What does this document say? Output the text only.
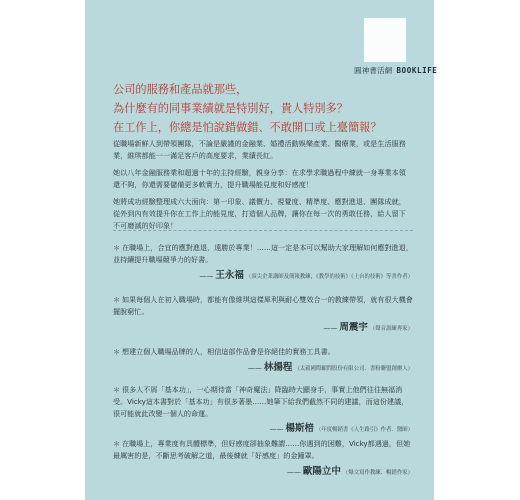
圓神書活網 BOOKLIFE
公司的服務和產品就那些，
為什麼有的同事業績就是特別好，貴人特別多？
在工作上，你總是怕說錯做錯、不敢開口或上臺簡報？

從職場新鮮人到帶領團隊，不論是嚴謹的金融業、婚禮活動娛樂產業、醫療業，或是生活服務業，維琪都能一一滿足客戶的高度要求，業績長紅。

她以八年金融服務業和超過十年的主持經驗，親身分享：在求學求職過程中練就一身專業本領還不夠，你還需要儲備更多軟實力，提升職場能見度和好感度！

她將成功經驗整理成六大面向：第一印象、議價力、視覺度、精準度、應對進退、團隊成就，從外到內有效提升你在工作上的能見度，打造個人品牌，讓你在每一次的勇敢任務，給人留下不可磨滅的好印象！

＊ 在職場上，合宜的應對進退，遠勝於專業！……這一定是本可以幫助大家理解如何應對進退，並持續提升職場競爭力的好書。

—— 王永福 （頂尖企業講師及簡報教練，《教學的技術》《上台的技術》等書作者）

＊ 如果每個人在初入職場時，都能有像維琪這樣犀利與耐心雙效合一的教練帶領，就有很大機會擺脫窮忙。

—— 周震宇 （聲音訓練專家）

＊ 想建立個人職場品牌的人，相信這部作品會是你絕佳的實務工具書。

—— 林揚程 （太毅國際顧問股份有限公司．書粉聯盟創辦人）

＊ 很多人不屑「基本功」，一心期待當「神奇魔法」降臨時大顯身手，事實上他們往往無福消受。Vicky這本書對於「基本功」有很多著墨……她筆下給我們截然不同的建議，而這份建議，很可能就此改變一個人的命運。

—— 楊斯棓 （年度暢銷書《人生路引》作者．醫師）

＊ 在職場上，專業度有具體標準，但好感度卻抽象難謂……你遇到的困難，Vicky都遇過，但她最厲害的是，不斷思考破解之道，最後練就「好感度」的金鐘罩。

—— 歐陽立中 （爆文寫作教練．暢銷作家）
